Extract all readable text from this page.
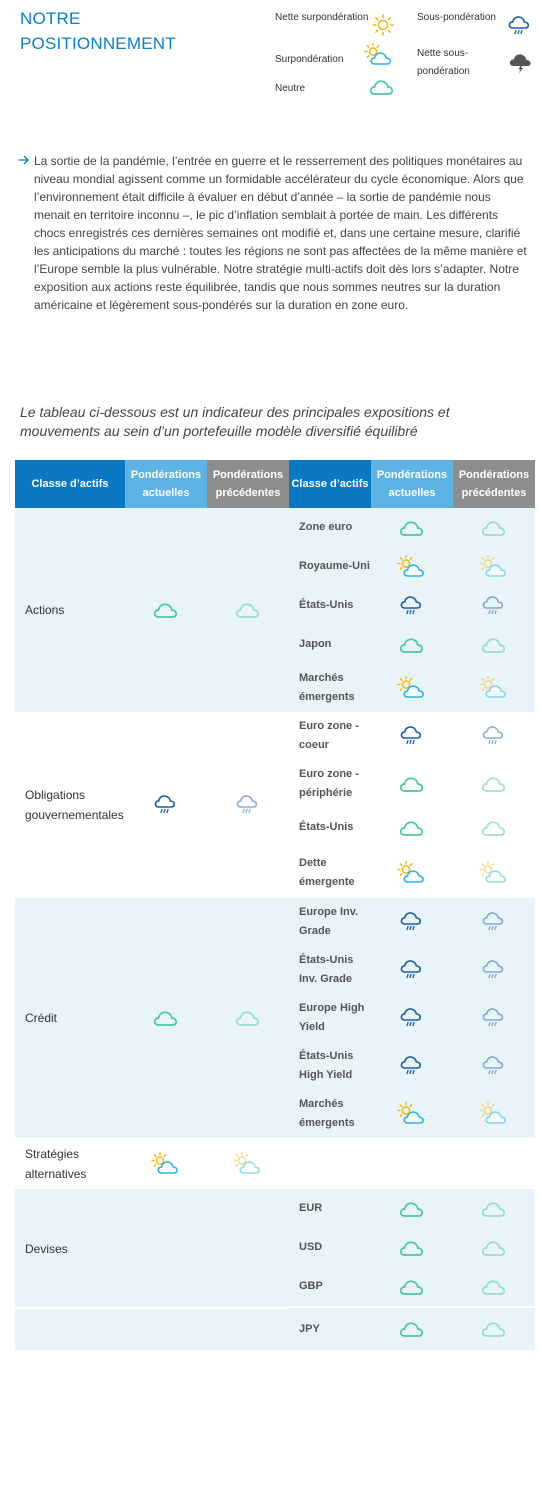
NOTRE POSITIONNEMENT
Nette surpondération
Surpondération
Neutre
Sous-pondération
Nette sous-pondération

La sortie de la pandémie, l’entrée en guerre et le resserrement des politiques monétaires au niveau mondial agissent comme un formidable accélérateur du cycle économique. Alors que l’environnement était difficile à évaluer en début d’année – la sortie de pandémie nous menait en territoire inconnu –, le pic d’inflation semblait à portée de main. Les différents chocs enregistrés ces dernières semaines ont modifié et, dans une certaine mesure, clarifié les anticipations du marché : toutes les régions ne sont pas affectées de la même manière et l’Europe semble la plus vulnérable. Notre stratégie multi-actifs doit dès lors s’adapter. Notre exposition aux actions reste équilibrée, tandis que nous sommes neutres sur la duration américaine et légèrement sous-pondérés sur la duration en zone euro.

Le tableau ci-dessous est un indicateur des principales expositions et mouvements au sein d’un portefeuille modèle diversifié équilibré
Classe d’actifs
Pondérations actuelles
Pondérations précédentes
Classe d’actifs
Pondérations actuelles
Pondérations précédentes
Actions
Zone euro
Royaume-Uni
États-Unis
Japon
Marchés émergents
Obligations gouvernementales
Euro zone - coeur
Euro zone - périphérie
États-Unis
Dette émergente
Crédit
Europe Inv. Grade
États-Unis Inv. Grade
Europe High Yield
États-Unis High Yield
Marchés émergents
Stratégies alternatives
Devises
EUR
USD
GBP
JPY
